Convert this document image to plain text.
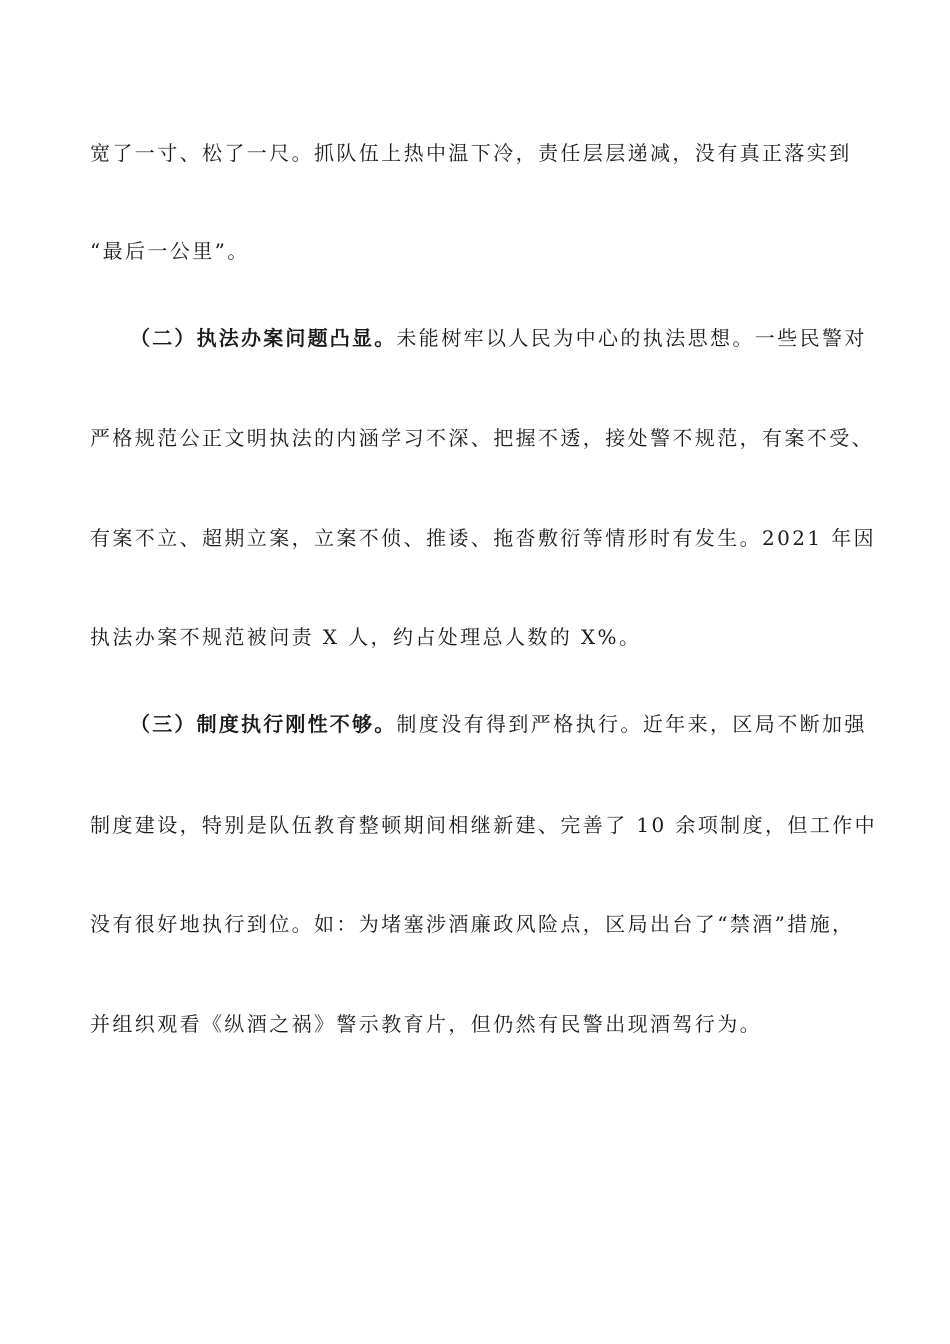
宽了一寸、松了一尺。抓队伍上热中温下冷，责任层层递减，没有真正落实到
“最后一公里”。
（二）执法办案问题凸显。未能树牢以人民为中心的执法思想。一些民警对
严格规范公正文明执法的内涵学习不深、把握不透，接处警不规范，有案不受、
有案不立、超期立案，立案不侦、推诿、拖沓敷衍等情形时有发生。2021 年因
执法办案不规范被问责 X 人，约占处理总人数的 X%。
（三）制度执行刚性不够。制度没有得到严格执行。近年来，区局不断加强
制度建设，特别是队伍教育整顿期间相继新建、完善了 10 余项制度，但工作中
没有很好地执行到位。如：为堵塞涉酒廉政风险点，区局出台了“禁酒”措施，
并组织观看《纵酒之祸》警示教育片，但仍然有民警出现酒驾行为。
